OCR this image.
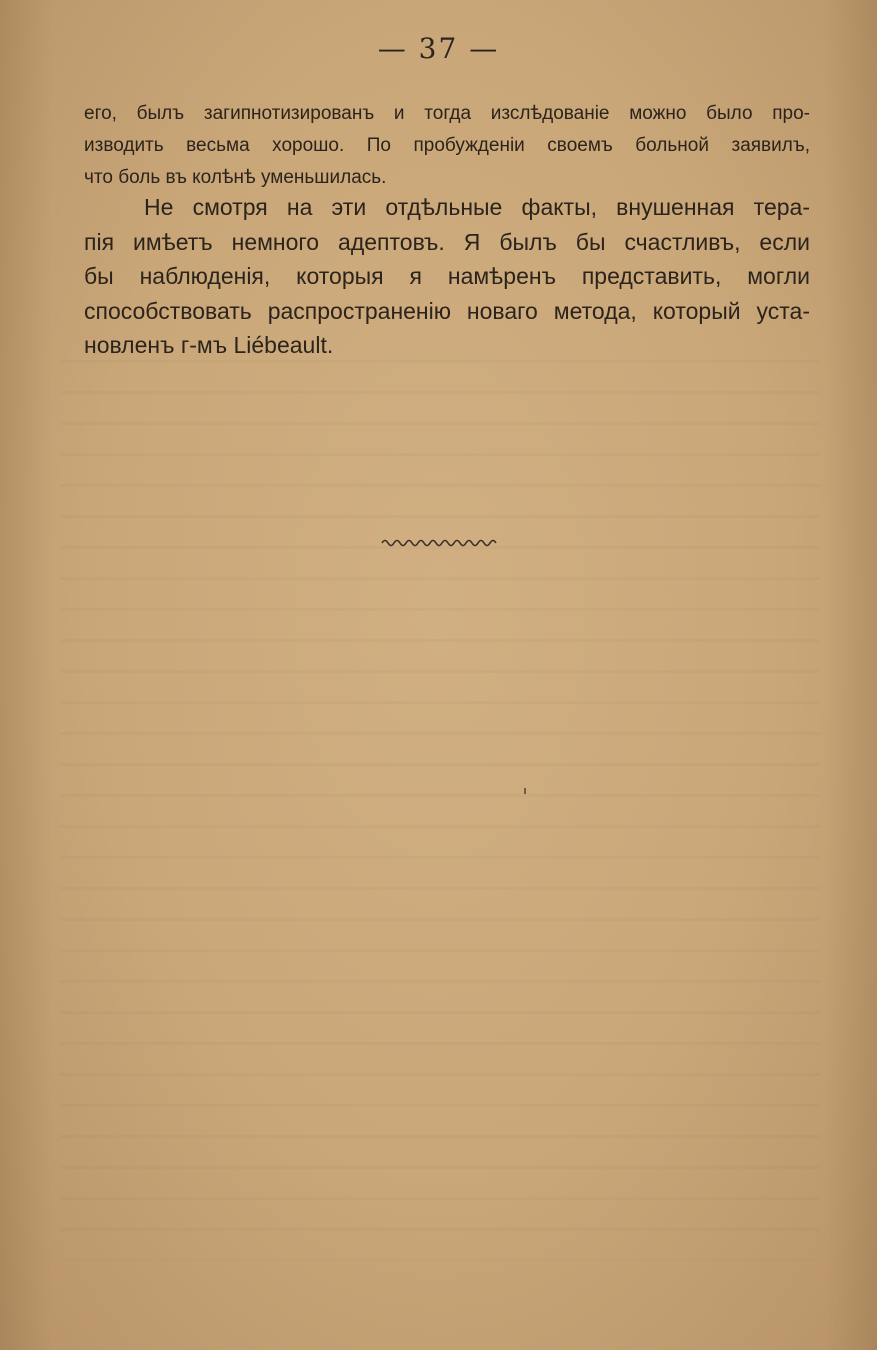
— 37 —
его, былъ загипнотизированъ и тогда изслѣдованіе можно было про-
изводить весьма хорошо. По пробужденіи своемъ больной заявилъ,
что боль въ колѣнѣ уменьшилась.
Не смотря на эти отдѣльные факты, внушенная тера-
пія имѣетъ немного адептовъ. Я былъ бы счастливъ, если
бы наблюденія, которыя я намѣренъ представить, могли
способствовать распространенію новаго метода, который уста-
новленъ г-мъ Liébeault.
